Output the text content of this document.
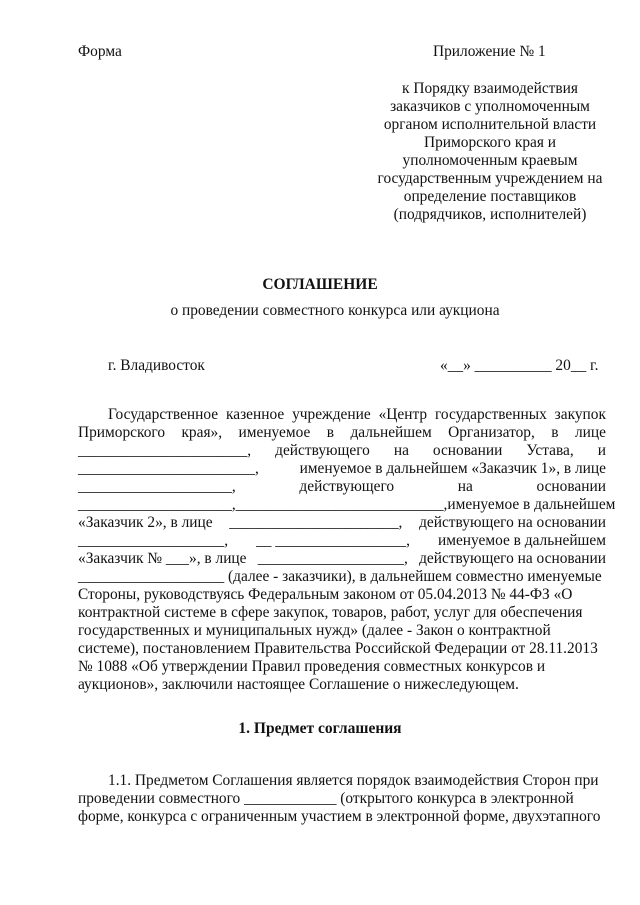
Форма	Приложение № 1
к Порядку взаимодействия
заказчиков с уполномоченным
органом исполнительной власти
Приморского края и
уполномоченным краевым
государственным учреждением на
определение поставщиков
(подрядчиков, исполнителей)
СОГЛАШЕНИЕ
о проведении совместного конкурса или аукциона
г. Владивосток	«__» __________ 20__ г.
Государственное казенное учреждение «Центр государственных закупок
Приморского края», именуемое в дальнейшем Организатор, в лице
______________________, действующего на основании Устава, и
_______________________,	именуемое в дальнейшем «Заказчик 1», в лице
____________________,	действующего	на	основании
____________________, ___________________________, именуемое в дальнейшем
«Заказчик 2», в лице ______________________, действующего на основании
___________________, __ _________________, именуемое в дальнейшем
«Заказчик № ___», в лице ___________________, действующего на основании
___________________ (далее - заказчики), в дальнейшем совместно именуемые
Стороны, руководствуясь Федеральным законом от 05.04.2013 № 44-ФЗ «О
контрактной системе в сфере закупок, товаров, работ, услуг для обеспечения
государственных и муниципальных нужд» (далее - Закон о контрактной
системе), постановлением Правительства Российской Федерации от 28.11.2013
№ 1088 «Об утверждении Правил проведения совместных конкурсов и
аукционов», заключили настоящее Соглашение о нижеследующем.
1. Предмет соглашения
1.1. Предметом Соглашения является порядок взаимодействия Сторон при
проведении совместного ____________ (открытого конкурса в электронной
форме, конкурса с ограниченным участием в электронной форме, двухэтапного
